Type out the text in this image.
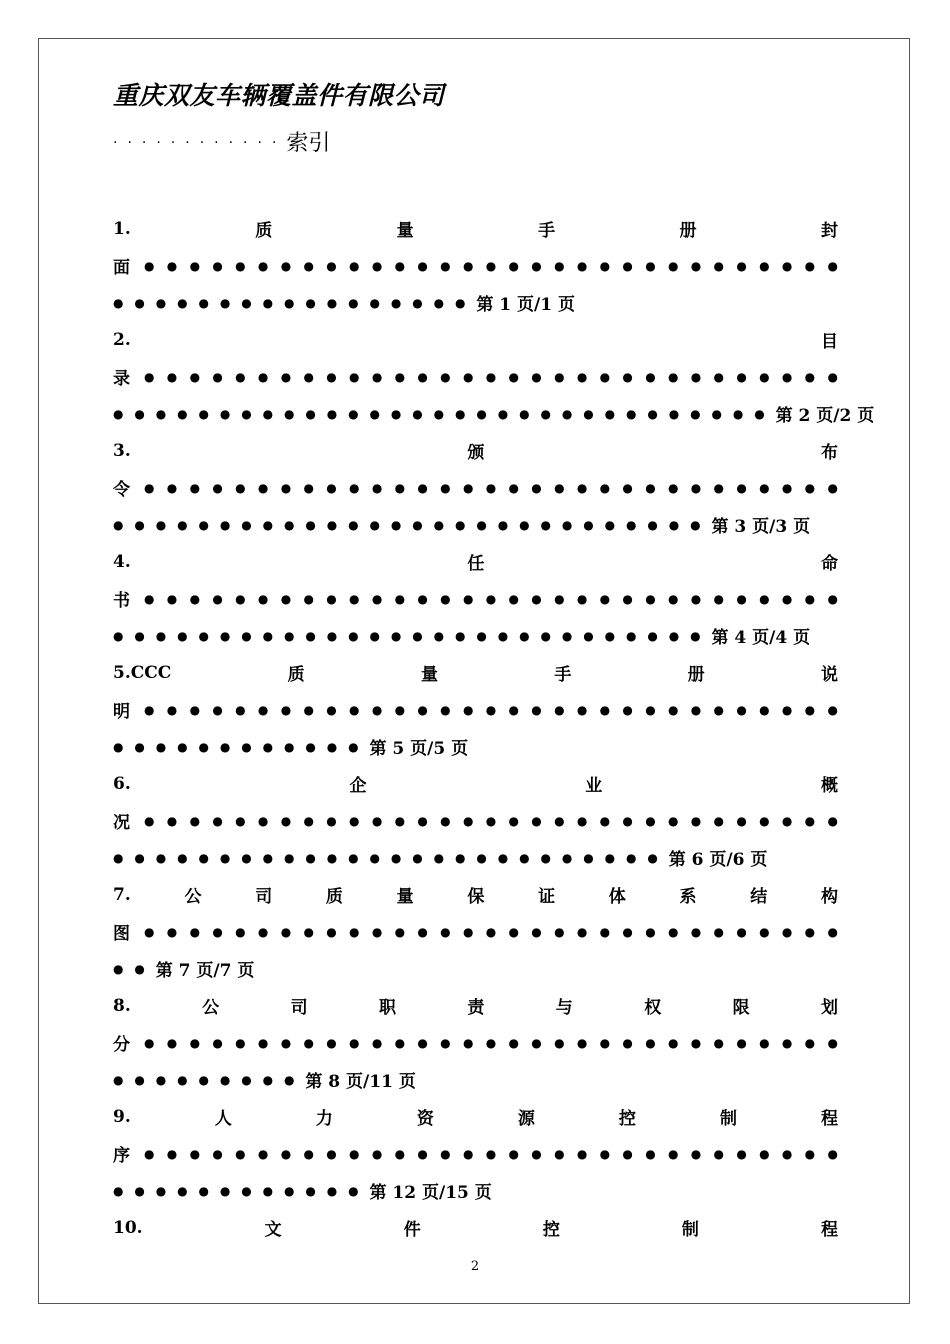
重庆双友车辆覆盖件有限公司
············索引
1.	质	量	手	册	封
面 ● ● ● ● ● ● ● ● ● ● ● ● ● ● ● ● ● ● ● ● ● ● ● ● ● ● ● ● ● ● ●
● ● ● ● ● ● ● ● ● ● ● ● ● ● ● ● ● 第 1 页/1 页
2.	目
录 ● ● ● ● ● ● ● ● ● ● ● ● ● ● ● ● ● ● ● ● ● ● ● ● ● ● ● ● ● ● ●
● ● ● ● ● ● ● ● ● ● ● ● ● ● ● ● ● ● ● ● ● ● ● ● ● ● ● ● ● ● ● 第 2 页/2 页
3.	颁	布
令 ● ● ● ● ● ● ● ● ● ● ● ● ● ● ● ● ● ● ● ● ● ● ● ● ● ● ● ● ● ● ●
● ● ● ● ● ● ● ● ● ● ● ● ● ● ● ● ● ● ● ● ● ● ● ● ● ● ● ● 第 3 页/3 页
4.	任	命
书 ● ● ● ● ● ● ● ● ● ● ● ● ● ● ● ● ● ● ● ● ● ● ● ● ● ● ● ● ● ● ●
● ● ● ● ● ● ● ● ● ● ● ● ● ● ● ● ● ● ● ● ● ● ● ● ● ● ● ● 第 4 页/4 页
5.CCC	质	量	手	册	说
明 ● ● ● ● ● ● ● ● ● ● ● ● ● ● ● ● ● ● ● ● ● ● ● ● ● ● ● ● ● ● ●
● ● ● ● ● ● ● ● ● ● ● ● 第 5 页/5 页
6.	企	业	概
况 ● ● ● ● ● ● ● ● ● ● ● ● ● ● ● ● ● ● ● ● ● ● ● ● ● ● ● ● ● ● ●
● ● ● ● ● ● ● ● ● ● ● ● ● ● ● ● ● ● ● ● ● ● ● ● ● ● 第 6 页/6 页
7.	公	司	质	量	保	证	体	系	结	构
图 ● ● ● ● ● ● ● ● ● ● ● ● ● ● ● ● ● ● ● ● ● ● ● ● ● ● ● ● ● ● ●
● ● 第 7 页/7 页
8.	公	司	职	责	与	权	限	划
分 ● ● ● ● ● ● ● ● ● ● ● ● ● ● ● ● ● ● ● ● ● ● ● ● ● ● ● ● ● ● ●
● ● ● ● ● ● ● ● ● 第 8 页/11 页
9.	人	力	资	源	控	制	程
序 ● ● ● ● ● ● ● ● ● ● ● ● ● ● ● ● ● ● ● ● ● ● ● ● ● ● ● ● ● ● ●
● ● ● ● ● ● ● ● ● ● ● ● 第 12 页/15 页
10.	文	件	控	制	程
2
